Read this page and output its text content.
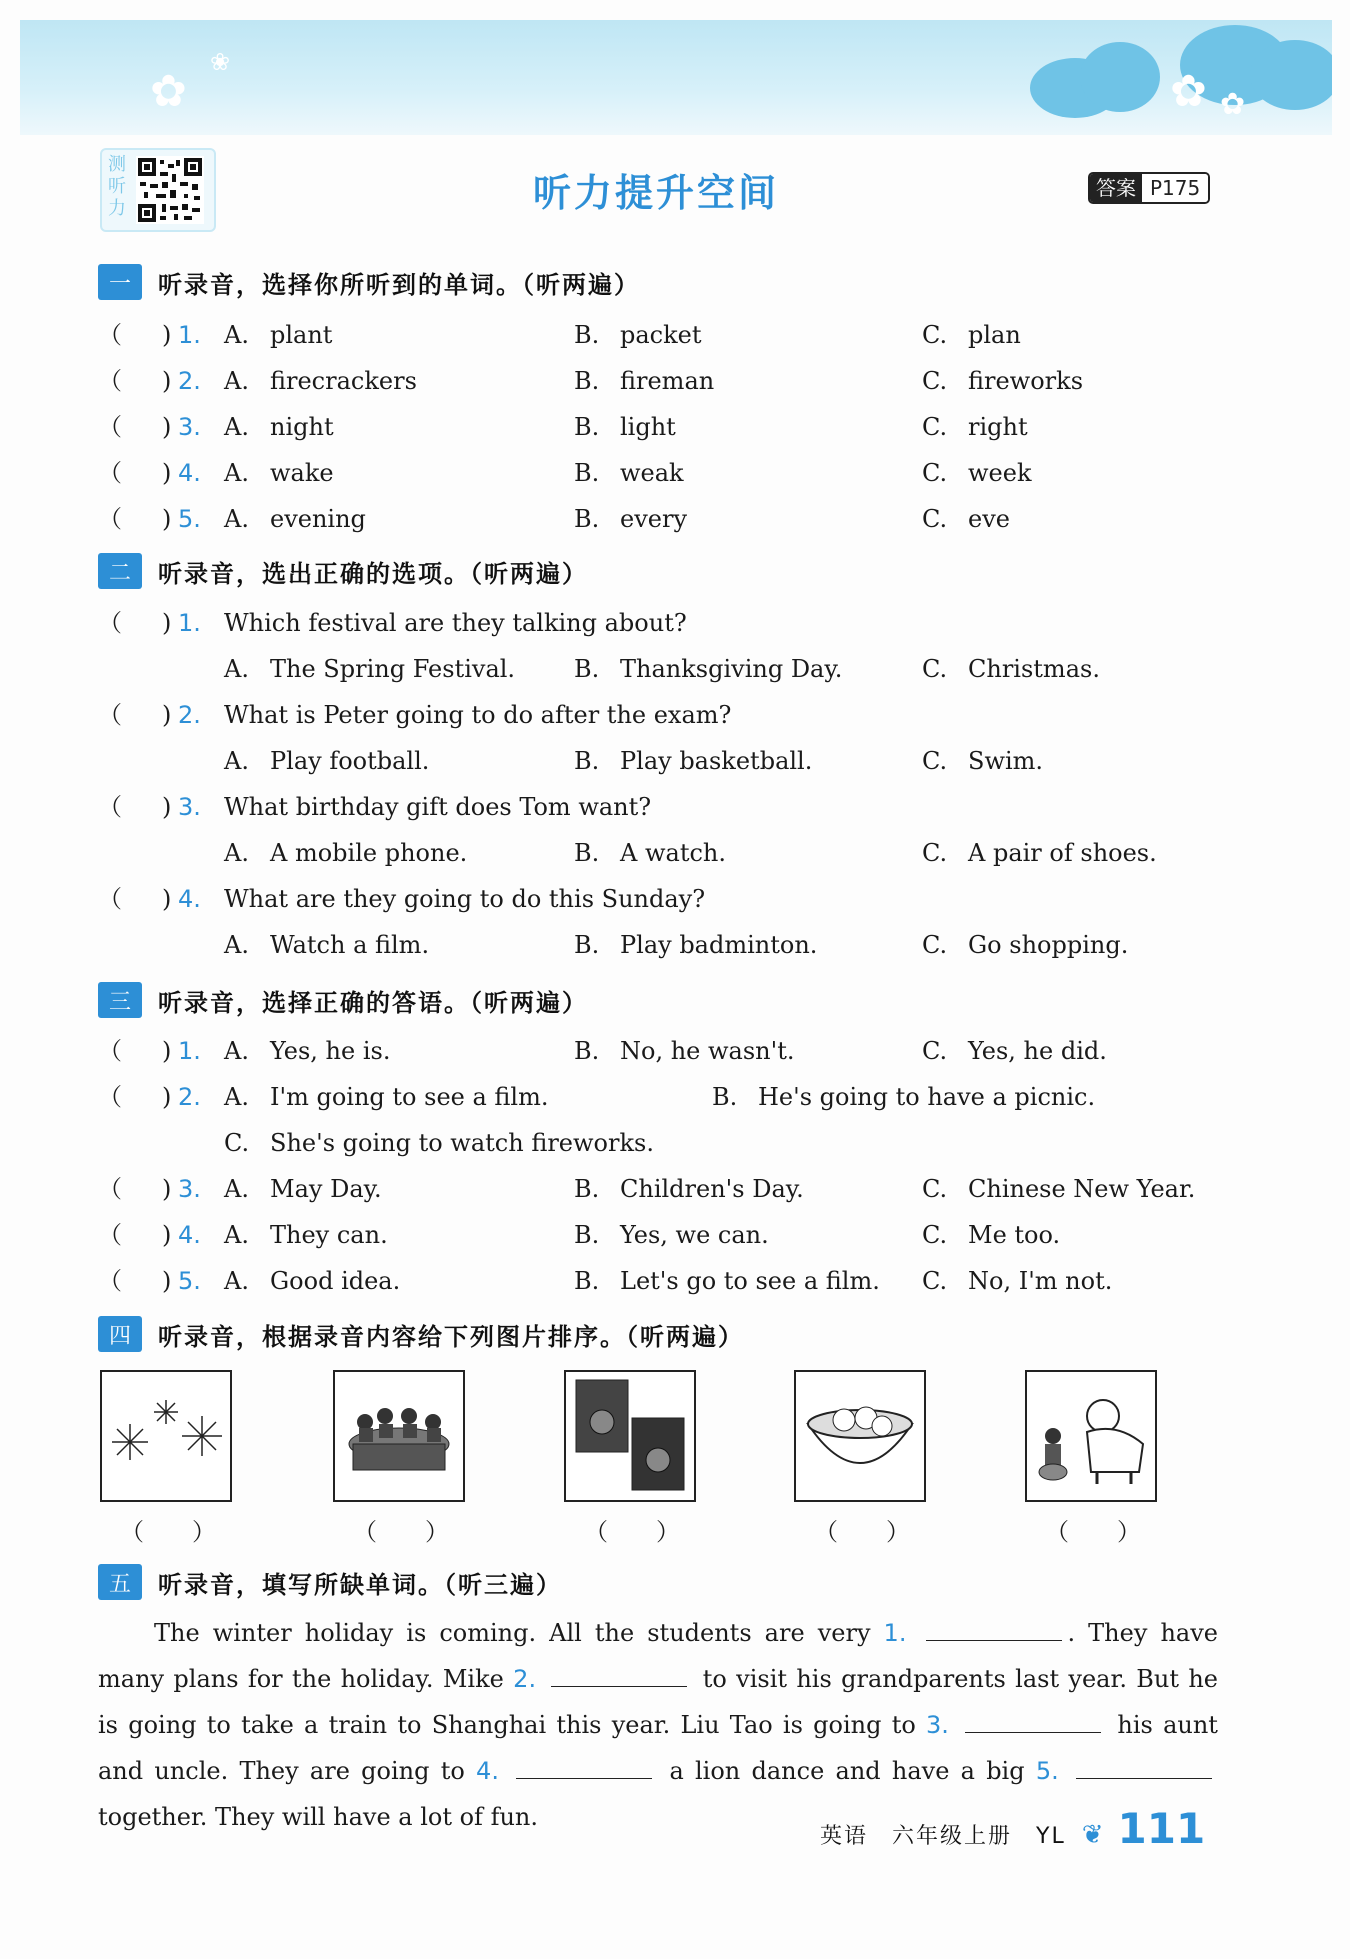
✿
❀
✿ ✿
测听力	听力提升空间	答案 P175
一	听录音，选择你所听到的单词。（听两遍）
二	听录音，选出正确的选项。（听两遍）
三	听录音，选择正确的答语。（听两遍）
四	听录音，根据录音内容给下列图片排序。（听两遍）
（　　）	（　　）	（　　）	（　　）	（　　）
五	听录音，填写所缺单词。（听三遍）
The winter holiday is coming. All the students are very 1.	. They have many plans for the holiday. Mike 2.	to visit his grandparents last year. But he is going to take a train to Shanghai this year. Liu Tao is going to 3.	his aunt and uncle. They are going to 4.	a lion dance and have a big 5.  together. They will have a lot of fun.
英语　六年级上册　YL ❦ 111
（ 1.
) A. plant	B. packet	C. plan
（ 2.
) A. firecrackers	B. fireman	C. fireworks
（ 3.
) A. night	B. light	C. right
（ 4.
) A. wake	B. weak	C. week
（ 5.
) A. evening	B. every	C. eve
（ 1.
) Which festival are they talking about?
A. The Spring Festival. B. Thanksgiving Day.	C. Christmas.
（ 2.
) What is Peter going to do after the exam?
A. Play football.	B. Play basketball.	C. Swim.
（ 3.
) What birthday gift does Tom want?
A. A mobile phone.	B. A watch.	C. A pair of shoes.
（ 4.
) What are they going to do this Sunday?
A. Watch a film.	B. Play badminton.	C. Go shopping.
（ 1.
) A. Yes, he is.	B. No, he wasn't.	C. Yes, he did.
（ 2.
) A. I'm going to see a film.	B. He's going to have a picnic.
C. She's going to watch fireworks.
（ 3.
) A. May Day.	B. Children's Day.	C. Chinese New Year.
（ 4.
) A. They can.	B. Yes, we can.	C. Me too.
（ 5.
) A. Good idea.	B. Let's go to see a film. C. No, I'm not.
